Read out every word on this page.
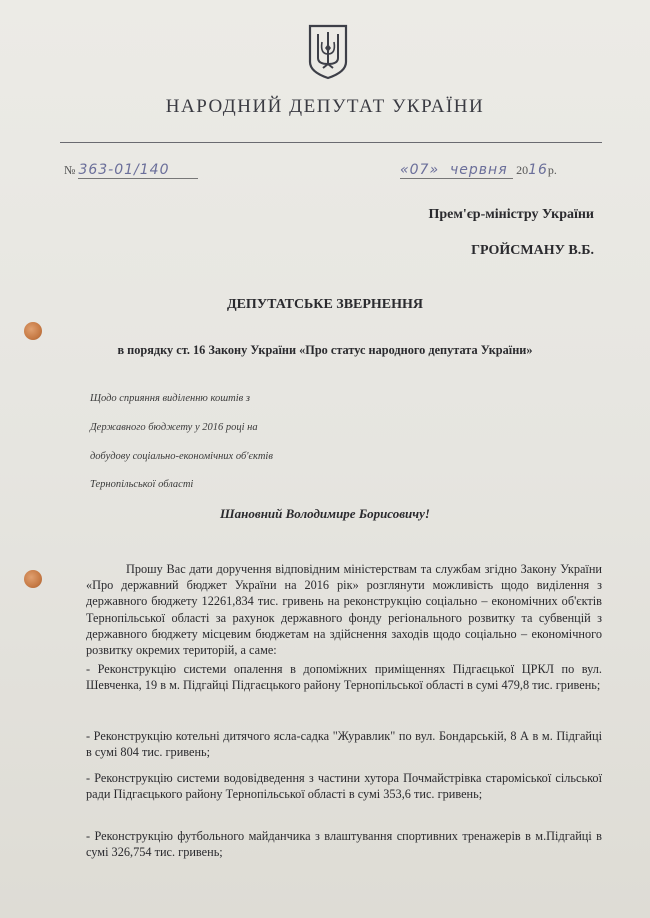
НАРОДНИЙ ДЕПУТАТ УКРАЇНИ
№ 363-01/140	«07»  червня 2016р.
Прем'єр-міністру України
ГРОЙСМАНУ В.Б.
ДЕПУТАТСЬКЕ ЗВЕРНЕННЯ
в порядку ст. 16 Закону України «Про статус народного депутата України»
Щодо сприяння виділенню коштів з
Державного бюджету у 2016 році на
добудову соціально-економічних об'єктів
Тернопільської області
Шановний Володимире Борисовичу!
Прошу Вас дати доручення відповідним міністерствам та службам згідно Закону України «Про державний бюджет України на 2016 рік» розглянути можливість щодо виділення з державного бюджету 12261,834 тис. гривень на реконструкцію соціально – економічних об'єктів Тернопільської області за рахунок державного фонду регіонального розвитку та субвенцій з державного бюджету місцевим бюджетам на здійснення заходів щодо соціально – економічного розвитку окремих територій, а саме:
- Реконструкцію системи опалення в допоміжних приміщеннях Підгаєцької ЦРКЛ по вул. Шевченка, 19 в м. Підгайці Підгаєцького району Тернопільської області в сумі 479,8 тис. гривень;
- Реконструкцію котельні дитячого ясла-садка "Журавлик" по вул. Бондарській, 8 А в м. Підгайці в сумі 804 тис. гривень;
- Реконструкцію системи водовідведення з частини хутора Почмайстрівка староміської сільської ради Підгаєцького району Тернопільської області в сумі 353,6 тис. гривень;
- Реконструкцію футбольного майданчика з влаштування спортивних тренажерів в м.Підгайці в сумі 326,754 тис. гривень;
